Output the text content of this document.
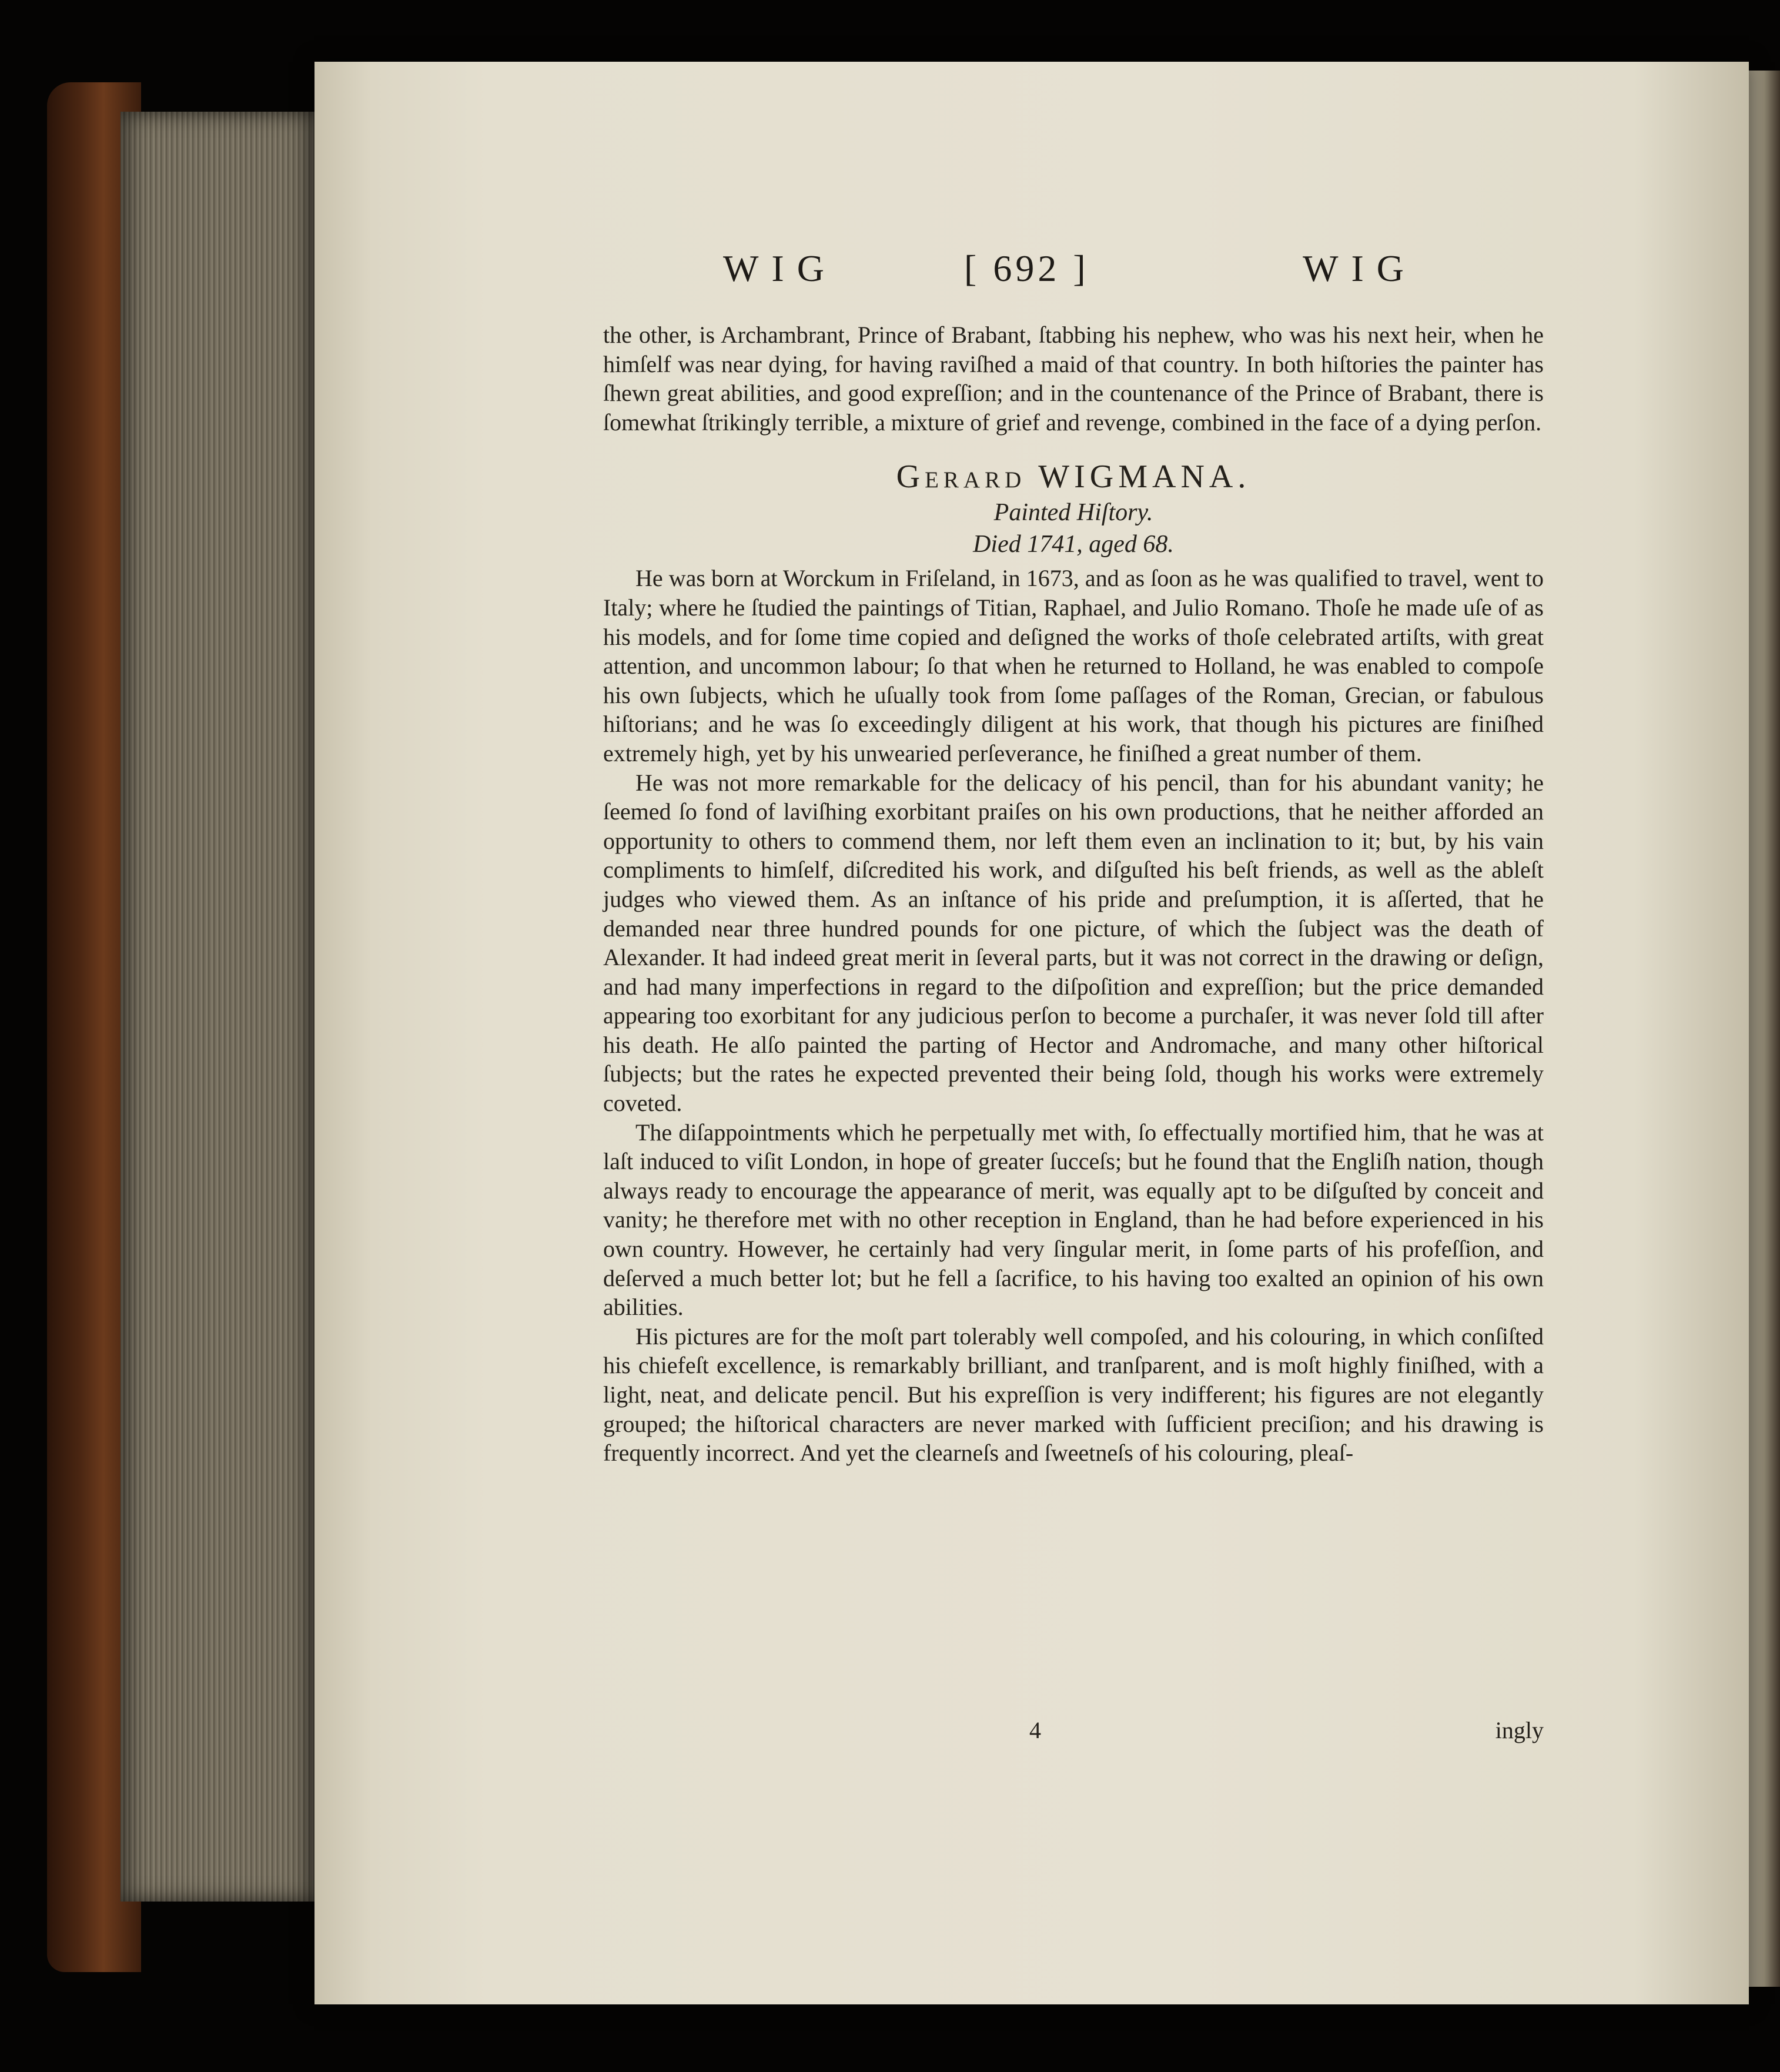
WIG	[ 692 ]	WIG

the other, is Archambrant, Prince of Brabant, ſtabbing his nephew, who was his next heir, when he himſelf was near dying, for having raviſhed a maid of that country. In both hiſtories the painter has ſhewn great abilities, and good expreſſion; and in the countenance of the Prince of Brabant, there is ſomewhat ſtrikingly terrible, a mixture of grief and revenge, combined in the face of a dying perſon.

Gerard WIGMANA.
Painted Hiſtory.
Died 1741, aged 68.

He was born at Worckum in Friſeland, in 1673, and as ſoon as he was qualified to travel, went to Italy; where he ſtudied the paintings of Titian, Raphael, and Julio Romano. Thoſe he made uſe of as his models, and for ſome time copied and deſigned the works of thoſe celebrated artiſts, with great attention, and uncommon labour; ſo that when he returned to Holland, he was enabled to compoſe his own ſubjects, which he uſually took from ſome paſſages of the Roman, Grecian, or fabulous hiſtorians; and he was ſo exceedingly diligent at his work, that though his pictures are finiſhed extremely high, yet by his unwearied perſeverance, he finiſhed a great number of them.

He was not more remarkable for the delicacy of his pencil, than for his abundant vanity; he ſeemed ſo fond of laviſhing exorbitant praiſes on his own productions, that he neither afforded an opportunity to others to commend them, nor left them even an inclination to it; but, by his vain compliments to himſelf, diſcredited his work, and diſguſted his beſt friends, as well as the ableſt judges who viewed them. As an inſtance of his pride and preſumption, it is aſſerted, that he demanded near three hundred pounds for one picture, of which the ſubject was the death of Alexander. It had indeed great merit in ſeveral parts, but it was not correct in the drawing or deſign, and had many imperfections in regard to the diſpoſition and expreſſion; but the price demanded appearing too exorbitant for any judicious perſon to become a purchaſer, it was never ſold till after his death. He alſo painted the parting of Hector and Andromache, and many other hiſtorical ſubjects; but the rates he expected prevented their being ſold, though his works were extremely coveted.

The diſappointments which he perpetually met with, ſo effectually mortified him, that he was at laſt induced to viſit London, in hope of greater ſucceſs; but he found that the Engliſh nation, though always ready to encourage the appearance of merit, was equally apt to be diſguſted by conceit and vanity; he therefore met with no other reception in England, than he had before experienced in his own country. However, he certainly had very ſingular merit, in ſome parts of his profeſſion, and deſerved a much better lot; but he fell a ſacrifice, to his having too exalted an opinion of his own abilities.

His pictures are for the moſt part tolerably well compoſed, and his colouring, in which conſiſted his chiefeſt excellence, is remarkably brilliant, and tranſparent, and is moſt highly finiſhed, with a light, neat, and delicate pencil. But his expreſſion is very indifferent; his figures are not elegantly grouped; the hiſtorical characters are never marked with ſufficient preciſion; and his drawing is frequently incorrect. And yet the clearneſs and ſweetneſs of his colouring, pleaſ-

4	ingly
